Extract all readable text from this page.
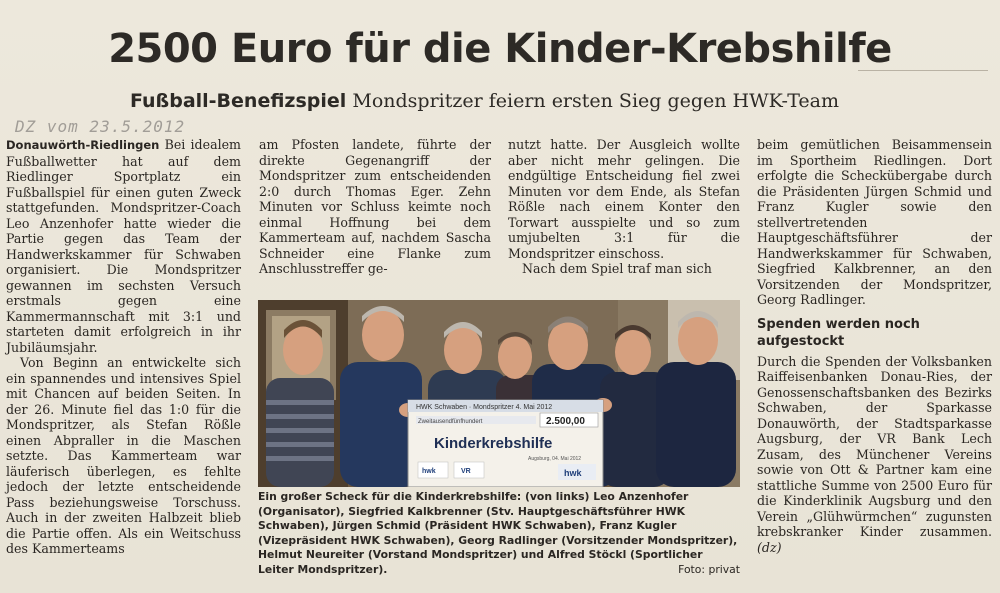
2500 Euro für die Kinder-Krebshilfe
Fußball-Benefizspiel Mondspritzer feiern ersten Sieg gegen HWK-Team
DZ vom 23.5.2012

Donauwörth-Riedlingen Bei idealem Fußballwetter hat auf dem Riedlinger Sportplatz ein Fußballspiel für einen guten Zweck stattgefunden. Mondspritzer-Coach Leo Anzenhofer hatte wieder die Partie gegen das Team der Handwerkskammer für Schwaben organisiert. Die Mondspritzer gewannen im sechsten Versuch erstmals gegen eine Kammermannschaft mit 3:1 und starteten damit erfolgreich in ihr Jubiläumsjahr.

Von Beginn an entwickelte sich ein spannendes und intensives Spiel mit Chancen auf beiden Seiten. In der 26. Minute fiel das 1:0 für die Mondspritzer, als Stefan Rößle einen Abpraller in die Maschen setzte. Das Kammerteam war läuferisch überlegen, es fehlte jedoch der letzte entscheidende Pass beziehungsweise Torschuss. Auch in der zweiten Halbzeit blieb die Partie offen. Als ein Weitschuss des Kammerteams

am Pfosten landete, führte der direkte Gegenangriff der Mondspritzer zum entscheidenden 2:0 durch Thomas Eger. Zehn Minuten vor Schluss keimte noch einmal Hoffnung bei dem Kammerteam auf, nachdem Sascha Schneider eine Flanke zum Anschlusstreffer ge-

nutzt hatte. Der Ausgleich wollte aber nicht mehr gelingen. Die endgültige Entscheidung fiel zwei Minuten vor dem Ende, als Stefan Rößle nach einem Konter den Torwart ausspielte und so zum umjubelten 3:1 für die Mondspritzer einschoss.

Nach dem Spiel traf man sich

beim gemütlichen Beisammensein im Sportheim Riedlingen. Dort erfolgte die Scheckübergabe durch die Präsidenten Jürgen Schmid und Franz Kugler sowie den stellvertretenden Hauptgeschäftsführer der Handwerkskammer für Schwaben, Siegfried Kalkbrenner, an den Vorsitzenden der Mondspritzer, Georg Radlinger.

Spenden werden noch aufgestockt

Durch die Spenden der Volksbanken Raiffeisenbanken Donau-Ries, der Genossenschaftsbanken des Bezirks Schwaben, der Sparkasse Donauwörth, der Stadtsparkasse Augsburg, der VR Bank Lech Zusam, des Münchener Vereins sowie von Ott & Partner kam eine stattliche Summe von 2500 Euro für die Kinderklinik Augsburg und den Verein „Glühwürmchen“ zugunsten krebskranker Kinder zusammen. (dz)

HWK Schwaben · Mondspritzer 4. Mai 2012
Zweitausendfünfhundert	2.500,00
Kinderkrebshilfe
Augsburg, 04. Mai 2012
hwk	VR	hwk
Ein großer Scheck für die Kinderkrebshilfe: (von links) Leo Anzenhofer (Organisator), Siegfried Kalkbrenner (Stv. Hauptgeschäftsführer HWK Schwaben), Jürgen Schmid (Präsident HWK Schwaben), Franz Kugler (Vizepräsident HWK Schwaben), Georg Radlinger (Vorsitzender Mondspritzer), Helmut Neureiter (Vorstand Mondspritzer) und Alfred Stöckl (Sportlicher Leiter Mondspritzer).	Foto: privat
